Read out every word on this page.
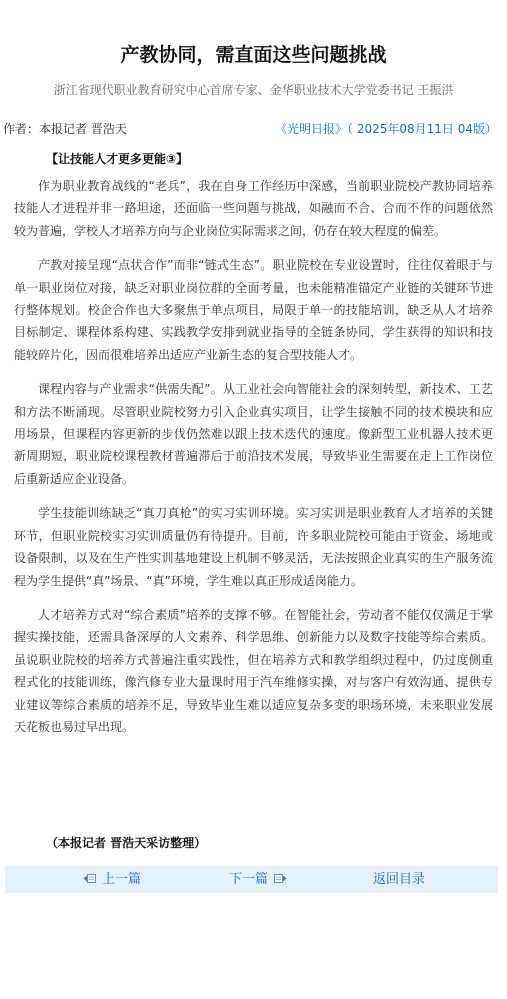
产教协同，需直面这些问题挑战
浙江省现代职业教育研究中心首席专家、金华职业技术大学党委书记 王振洪
作者：本报记者 晋浩天	《光明日报》（ 2025年08月11日 04版）
【让技能人才更多更能③】

作为职业教育战线的“老兵”，我在自身工作经历中深感，当前职业院校产教协同培养技能人才进程并非一路坦途，还面临一些问题与挑战，如融而不合、合而不作的问题依然较为普遍，学校人才培养方向与企业岗位实际需求之间，仍存在较大程度的偏差。

产教对接呈现“点状合作”而非“链式生态”。职业院校在专业设置时，往往仅着眼于与单一职业岗位对接，缺乏对职业岗位群的全面考量，也未能精准锚定产业链的关键环节进行整体规划。校企合作也大多聚焦于单点项目，局限于单一的技能培训，缺乏从人才培养目标制定、课程体系构建、实践教学安排到就业指导的全链条协同，学生获得的知识和技能较碎片化，因而很难培养出适应产业新生态的复合型技能人才。

课程内容与产业需求“供需失配”。从工业社会向智能社会的深刻转型，新技术、工艺和方法不断涌现。尽管职业院校努力引入企业真实项目，让学生接触不同的技术模块和应用场景，但课程内容更新的步伐仍然难以跟上技术迭代的速度。像新型工业机器人技术更新周期短，职业院校课程教材普遍滞后于前沿技术发展，导致毕业生需要在走上工作岗位后重新适应企业设备。

学生技能训练缺乏“真刀真枪”的实习实训环境。实习实训是职业教育人才培养的关键环节，但职业院校实习实训质量仍有待提升。目前，许多职业院校可能由于资金、场地或设备限制，以及在生产性实训基地建设上机制不够灵活，无法按照企业真实的生产服务流程为学生提供“真”场景、“真”环境，学生难以真正形成适岗能力。

人才培养方式对“综合素质”培养的支撑不够。在智能社会，劳动者不能仅仅满足于掌握实操技能，还需具备深厚的人文素养、科学思维、创新能力以及数字技能等综合素质。虽说职业院校的培养方式普遍注重实践性，但在培养方式和教学组织过程中，仍过度侧重程式化的技能训练，像汽修专业大量课时用于汽车维修实操，对与客户有效沟通、提供专业建议等综合素质的培养不足，导致毕业生难以适应复杂多变的职场环境，未来职业发展天花板也易过早出现。

（本报记者 晋浩天采访整理）
上一篇	下一篇	返回目录
